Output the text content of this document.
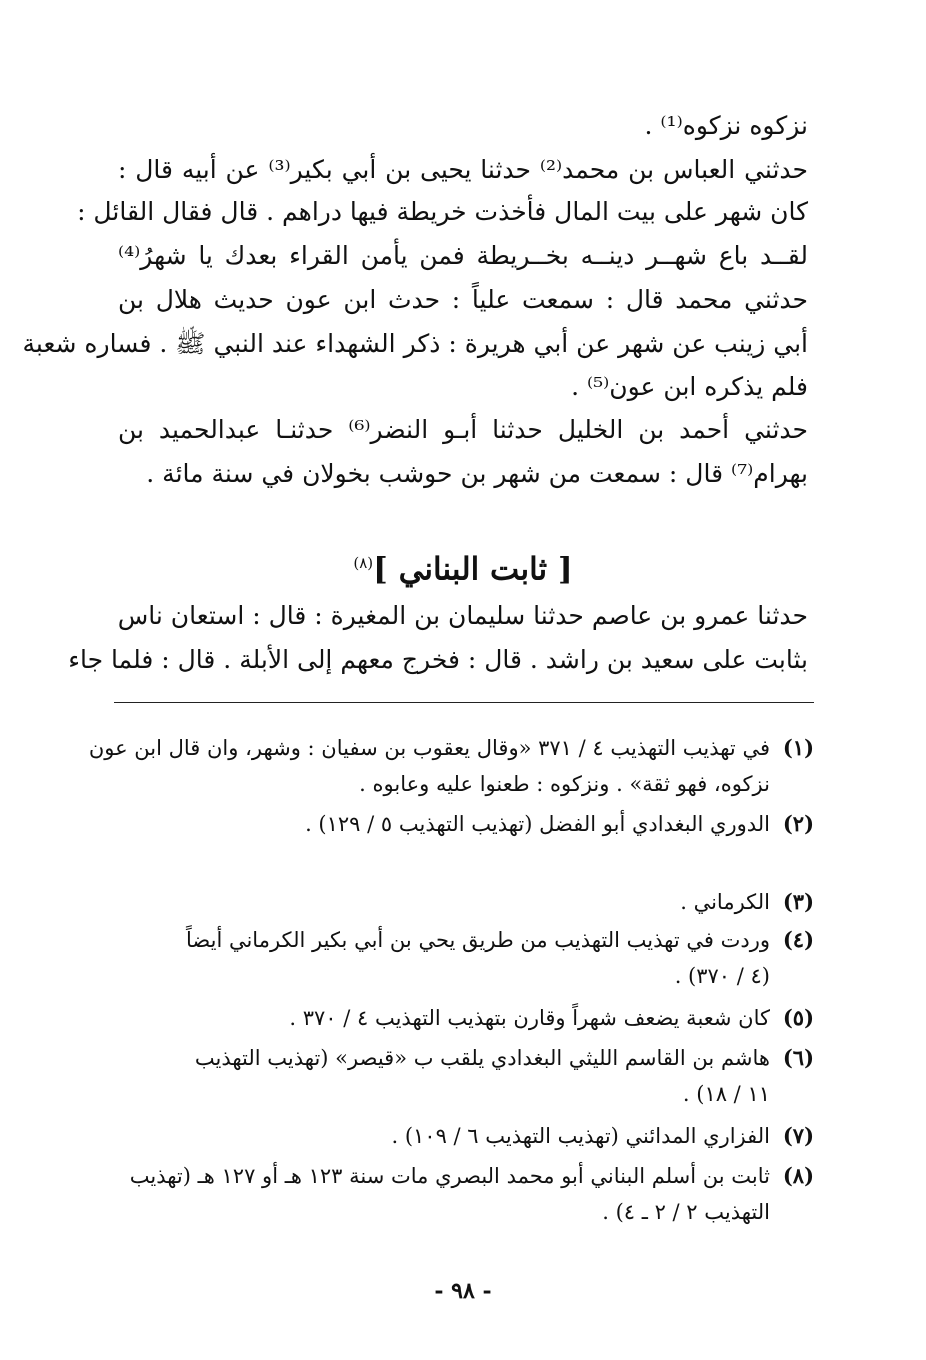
نزكوه نزكوه⁽¹⁾ .
حدثني العباس بن محمد⁽²⁾ حدثنا يحيى بن أبي بكير⁽³⁾ عن أبيه قال :
كان شهر على بيت المال فأخذت خريطة فيها دراهم . قال فقال القائل :
لقــد باع شهــر دينــه بخــريطة فمن يأمن القراء بعدك يا شهرُ⁽⁴⁾
حدثني محمد قال : سمعت علياً : حدث ابن عون حديث هلال بن
أبي زينب عن شهر عن أبي هريرة : ذكر الشهداء عند النبي ﷺ . فساره شعبة
فلم يذكره ابن عون⁽⁵⁾ .
حدثني أحمد بن الخليل حدثنا أبـو النضر⁽⁶⁾ حدثنـا عبدالحميد بن
بهرام⁽⁷⁾ قال : سمعت من شهر بن حوشب بخولان في سنة مائة .
[ ثابت البناني ]$^{(٨)}$
حدثنا عمرو بن عاصم حدثنا سليمان بن المغيرة : قال : استعان ناس
بثابت على سعيد بن راشد . قال : فخرج معهم إلى الأبلة . قال : فلما جاء
(١)في تهذيب التهذيب ٤ / ٣٧١ «وقال يعقوب بن سفيان : وشهر، وان قال ابن عون
نزكوه، فهو ثقة» . ونزكوه : طعنوا عليه وعابوه .
(٢)الدوري البغدادي أبو الفضل (تهذيب التهذيب ٥ / ١٢٩) .
(٣)الكرماني .
(٤)وردت في تهذيب التهذيب من طريق يحي بن أبي بكير الكرماني أيضاً
(٤ / ٣٧٠) .
(٥)كان شعبة يضعف شهراً وقارن بتهذيب التهذيب ٤ / ٣٧٠ .
(٦)هاشم بن القاسم الليثي البغدادي يلقب ب «قيصر» (تهذيب التهذيب
١١ / ١٨) .
(٧)الفزاري المدائني (تهذيب التهذيب ٦ / ١٠٩) .
(٨)ثابت بن أسلم البناني أبو محمد البصري مات سنة ١٢٣ هـ أو ١٢٧ هـ (تهذيب
التهذيب ٢ / ٢ ـ ٤) .
- ٩٨ -
